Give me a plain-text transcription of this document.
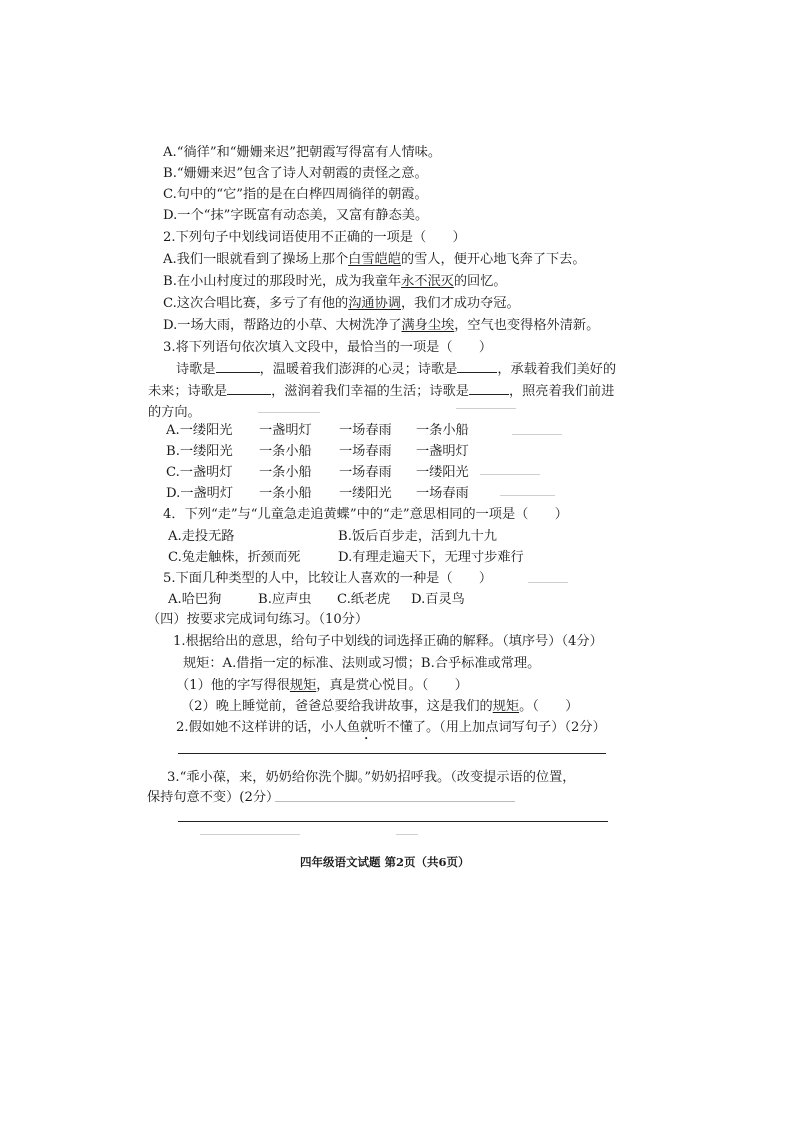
A.“徜徉”和“姗姗来迟”把朝霞写得富有人情味。
B.“姗姗来迟”包含了诗人对朝霞的责怪之意。
C.句中的“它”指的是在白桦四周徜徉的朝霞。
D.一个“抹”字既富有动态美，又富有静态美。
2.下列句子中划线词语使用不正确的一项是（　　）
A.我们一眼就看到了操场上那个白雪皑皑的雪人，便开心地飞奔了下去。
B.在小山村度过的那段时光，成为我童年永不泯灭的回忆。
C.这次合唱比赛，多亏了有他的沟通协调，我们才成功夺冠。
D.一场大雨，帮路边的小草、大树洗净了满身尘埃，空气也变得格外清新。
3.将下列语句依次填入文段中，最恰当的一项是（　　）
诗歌是	，温暖着我们澎湃的心灵；诗歌是	，承载着我们美好的
未来；诗歌是	，滋润着我们幸福的生活；诗歌是	，照亮着我们前进
的方向。
A.一缕阳光 一盏明灯 一场春雨 一条小船
B.一缕阳光 一条小船 一场春雨 一盏明灯
C.一盏明灯 一条小船 一场春雨 一缕阳光
D.一盏明灯 一条小船 一缕阳光 一场春雨
4．下列“走”与“儿童急走追黄蝶”中的“走”意思相同的一项是（　　）
A.走投无路	B.饭后百步走，活到九十九
C.兔走触株，折颈而死	D.有理走遍天下，无理寸步难行
5.下面几种类型的人中，比较让人喜欢的一种是（　　）
A.哈巴狗	B.应声虫 C.纸老虎 D.百灵鸟
（四）按要求完成词句练习。（10分）
1.根据给出的意思，给句子中划线的词选择正确的解释。（填序号）（4分）
规矩：A.借指一定的标准、法则或习惯；B.合乎标准或常理。
（1）他的字写得很规矩，真是赏心悦目。（　　）
（2）晚上睡觉前，爸爸总要给我讲故事，这是我们的规矩。（　　）
2.假如她不这样讲的话，小人鱼就听不懂了。（用上加点词写句子）（2分）
3.“乖小葆，来，奶奶给你洗个脚。”奶奶招呼我。（改变提示语的位置，
保持句意不变）(2分）
四年级语文试题 第2页（共6页）
